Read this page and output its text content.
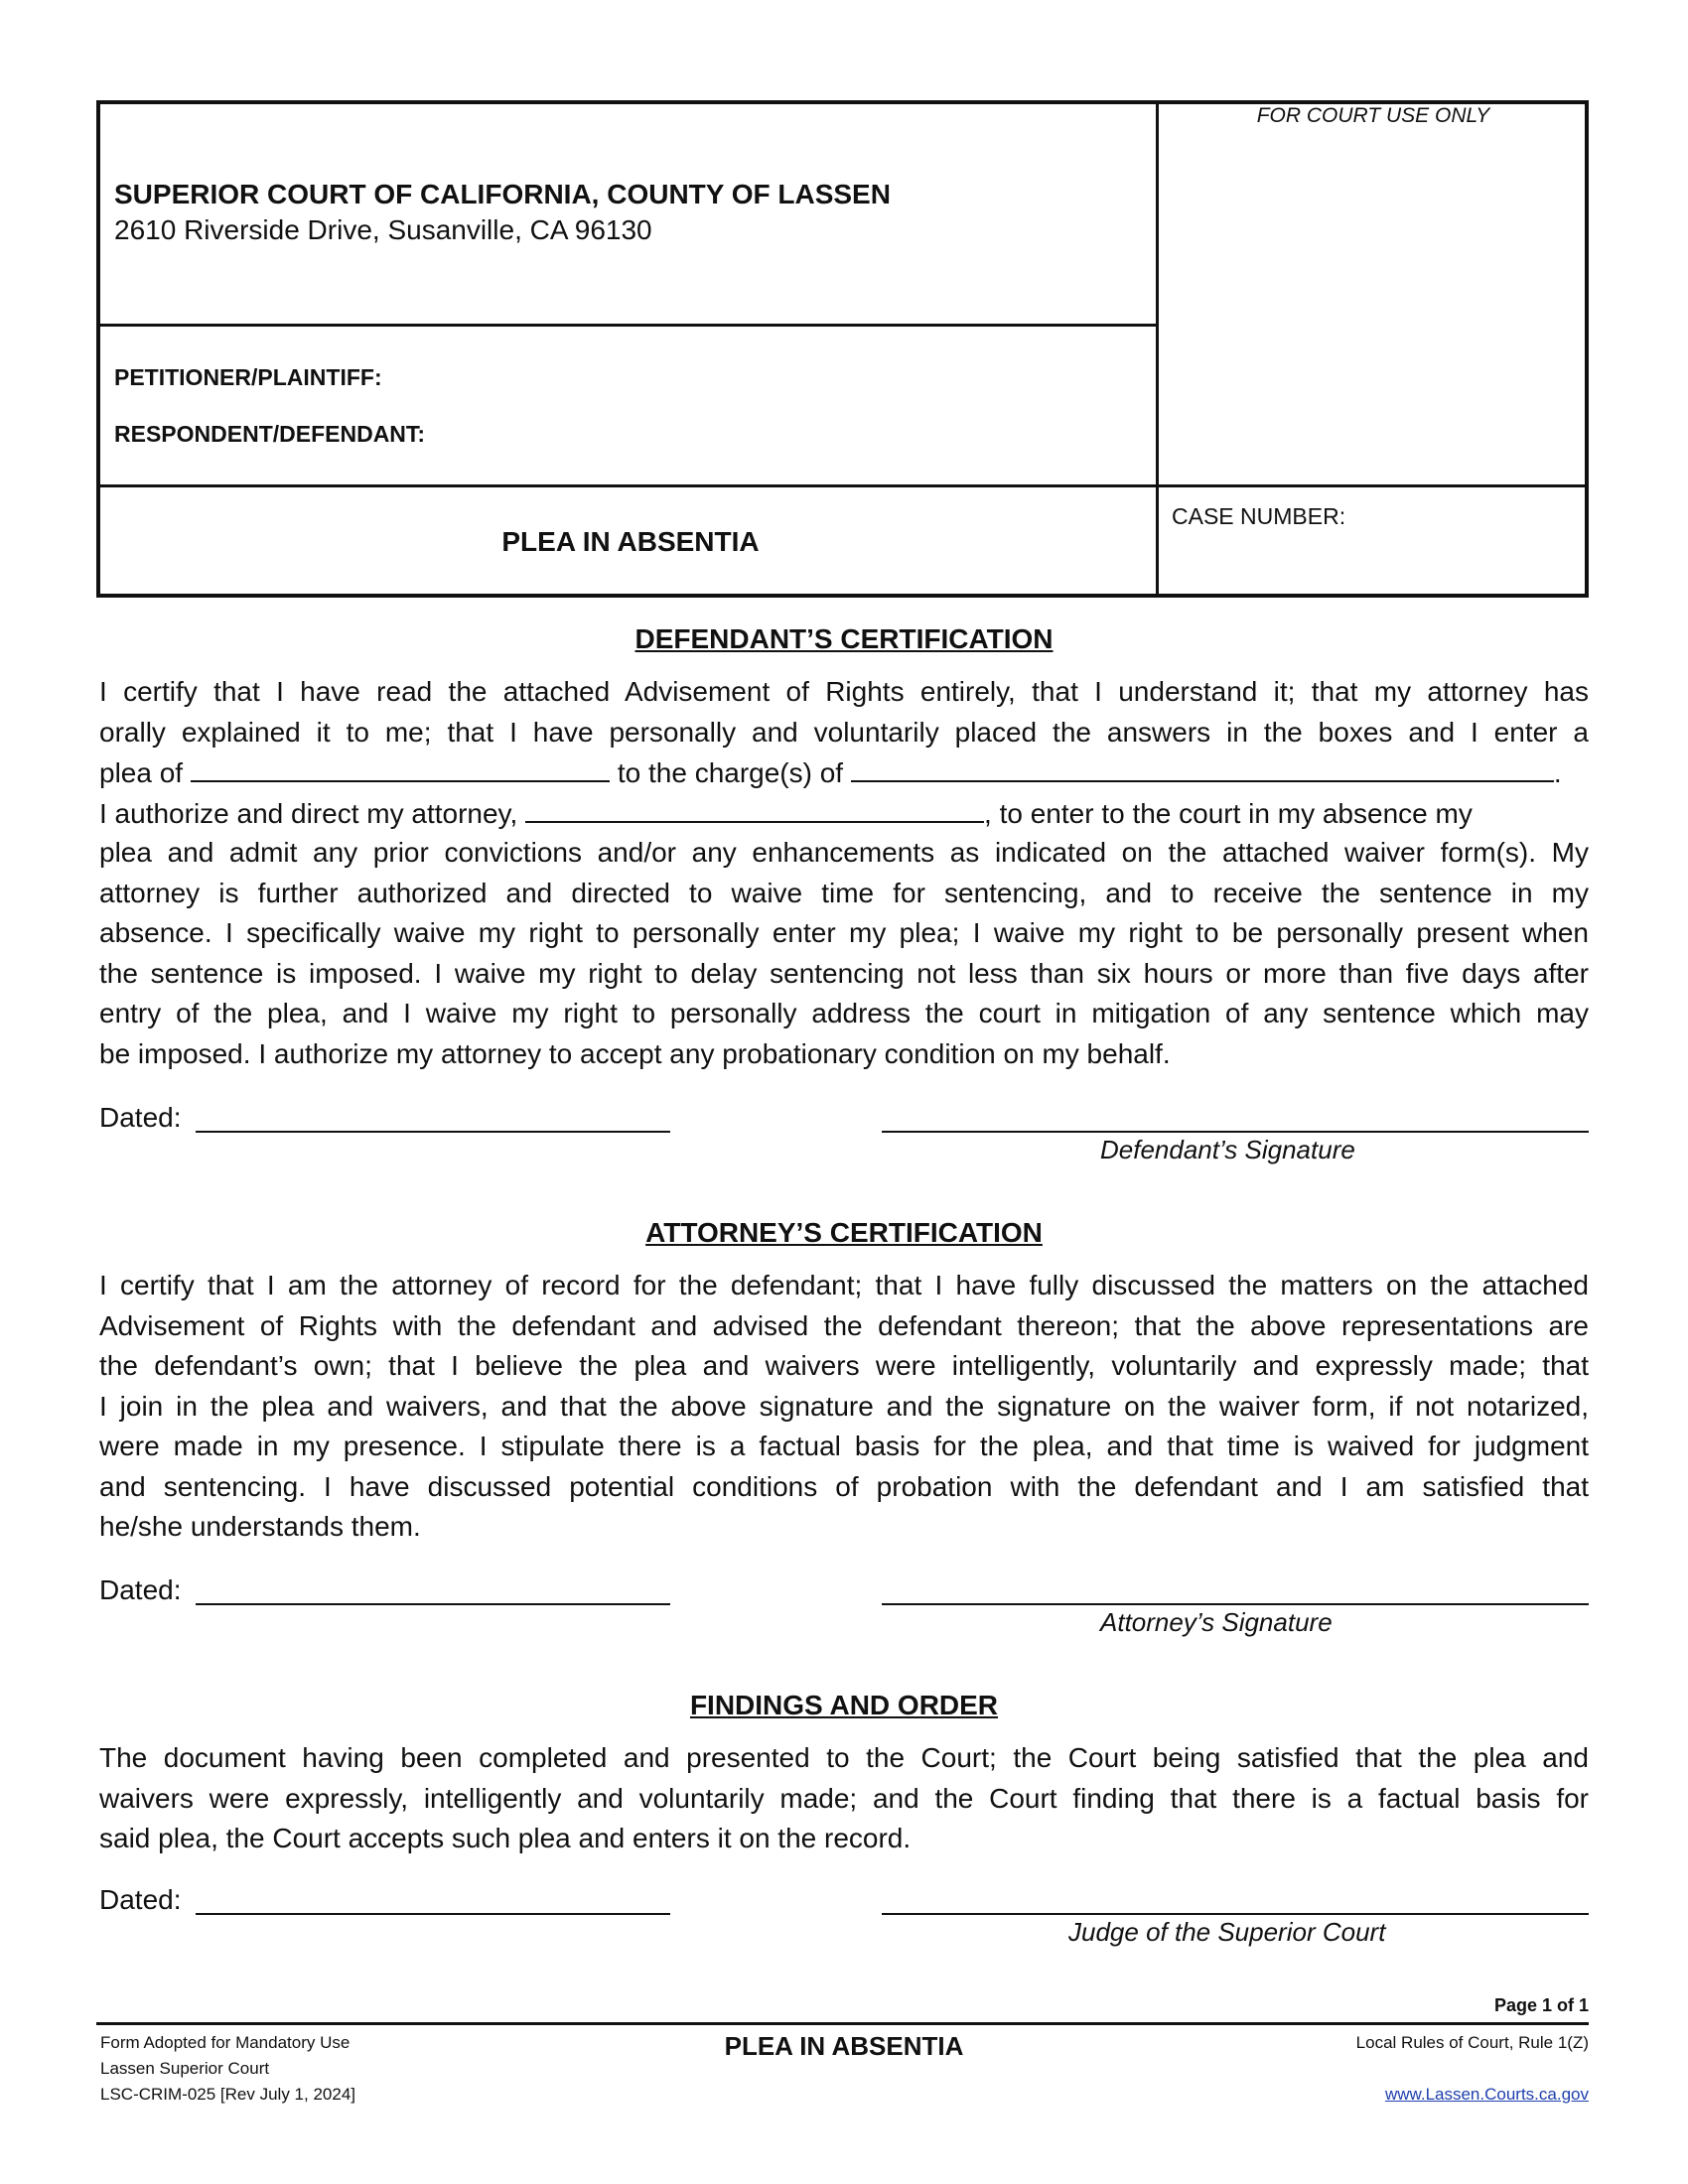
FOR COURT USE ONLY
SUPERIOR COURT OF CALIFORNIA, COUNTY OF LASSEN
2610 Riverside Drive, Susanville, CA 96130
PETITIONER/PLAINTIFF:
RESPONDENT/DEFENDANT:
PLEA IN ABSENTIA
CASE NUMBER:
DEFENDANT’S CERTIFICATION
I certify that I have read the attached Advisement of Rights entirely, that I understand it; that my attorney has
orally explained it to me; that I have personally and voluntarily placed the answers in the boxes and I enter a
plea of	to the charge(s) of	.
I authorize and direct my attorney,	, to enter to the court in my absence my
plea and admit any prior convictions and/or any enhancements as indicated on the attached waiver form(s). My
attorney is further authorized and directed to waive time for sentencing, and to receive the sentence in my
absence. I specifically waive my right to personally enter my plea; I waive my right to be personally present when
the sentence is imposed. I waive my right to delay sentencing not less than six hours or more than five days after
entry of the plea, and I waive my right to personally address the court in mitigation of any sentence which may
be imposed. I authorize my attorney to accept any probationary condition on my behalf.
Dated:
Defendant’s Signature
ATTORNEY’S CERTIFICATION
I certify that I am the attorney of record for the defendant; that I have fully discussed the matters on the attached
Advisement of Rights with the defendant and advised the defendant thereon; that the above representations are
the defendant’s own; that I believe the plea and waivers were intelligently, voluntarily and expressly made; that
I join in the plea and waivers, and that the above signature and the signature on the waiver form, if not notarized,
were made in my presence. I stipulate there is a factual basis for the plea, and that time is waived for judgment
and sentencing. I have discussed potential conditions of probation with the defendant and I am satisfied that
he/she understands them.
Dated:
Attorney’s Signature
FINDINGS AND ORDER
The document having been completed and presented to the Court; the Court being satisfied that the plea and
waivers were expressly, intelligently and voluntarily made; and the Court finding that there is a factual basis for
said plea, the Court accepts such plea and enters it on the record.
Dated:
Judge of the Superior Court
Page 1 of 1
Form Adopted for Mandatory Use
Lassen Superior Court
LSC-CRIM-025 [Rev July 1, 2024]
PLEA IN ABSENTIA	Local Rules of Court, Rule 1(Z)
www.Lassen.Courts.ca.gov
